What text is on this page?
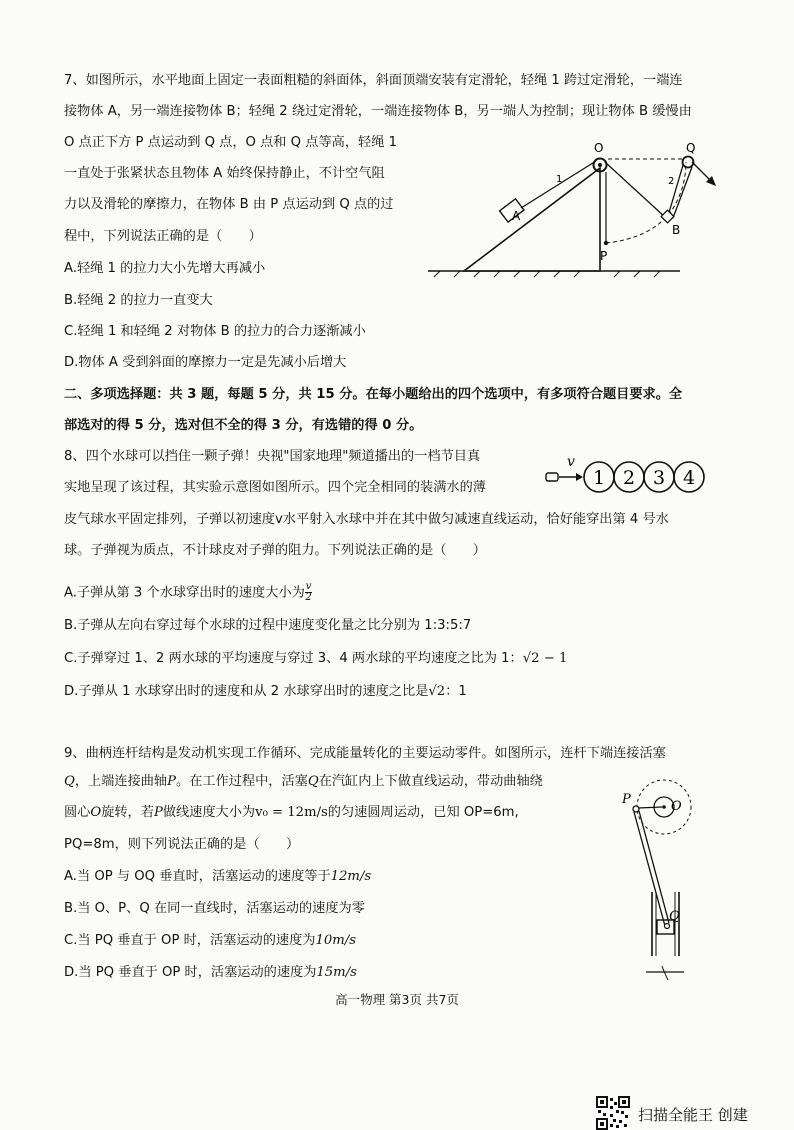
7、如图所示，水平地面上固定一表面粗糙的斜面体，斜面顶端安装有定滑轮，轻绳 1 跨过定滑轮，一端连
接物体 A，另一端连接物体 B；轻绳 2 绕过定滑轮，一端连接物体 B，另一端人为控制；现让物体 B 缓慢由
O 点正下方 P 点运动到 Q 点，O 点和 Q 点等高，轻绳 1
一直处于张紧状态且物体 A 始终保持静止，不计空气阻
力以及滑轮的摩擦力，在物体 B 由 P 点运动到 Q 点的过
程中，下列说法正确的是（　　）
A.轻绳 1 的拉力大小先增大再减小
B.轻绳 2 的拉力一直变大
C.轻绳 1 和轻绳 2 对物体 B 的拉力的合力逐渐减小
D.物体 A 受到斜面的摩擦力一定是先减小后增大
O	Q
A
B
P
1	2
二、多项选择题：共 3 题，每题 5 分，共 15 分。在每小题给出的四个选项中，有多项符合题目要求。全
部选对的得 5 分，选对但不全的得 3 分，有选错的得 0 分。
8、四个水球可以挡住一颗子弹！央视"国家地理"频道播出的一档节目真
实地呈现了该过程，其实验示意图如图所示。四个完全相同的装满水的薄
皮气球水平固定排列，子弹以初速度v水平射入水球中并在其中做匀减速直线运动，恰好能穿出第 4 号水
球。子弹视为质点，不计球皮对子弹的阻力。下列说法正确的是（　　）
A.子弹从第 3 个水球穿出时的速度大小为 $\frac{v}{2}$
B.子弹从左向右穿过每个水球的过程中速度变化量之比分别为 1:3:5:7
C.子弹穿过 1、2 两水球的平均速度与穿过 3、4 两水球的平均速度之比为 1：√2 − 1
D.子弹从 1 水球穿出时的速度和从 2 水球穿出时的速度之比是√2：1
v
1 2 3 4
9、曲柄连杆结构是发动机实现工作循环、完成能量转化的主要运动零件。如图所示，连杆下端连接活塞
Q，上端连接曲轴P。在工作过程中，活塞Q在汽缸内上下做直线运动，带动曲轴绕
圆心O旋转，若P做线速度大小为v₀ = 12m/s的匀速圆周运动，已知 OP=6m,
PQ=8m，则下列说法正确的是（　　）
A.当 OP 与 OQ 垂直时，活塞运动的速度等于12m/s
B.当 O、P、Q 在同一直线时，活塞运动的速度为零
C.当 PQ 垂直于 OP 时，活塞运动的速度为10m/s
D.当 PQ 垂直于 OP 时，活塞运动的速度为15m/s
P	O
Q
高一物理 第3页 共7页
扫描全能王 创建
